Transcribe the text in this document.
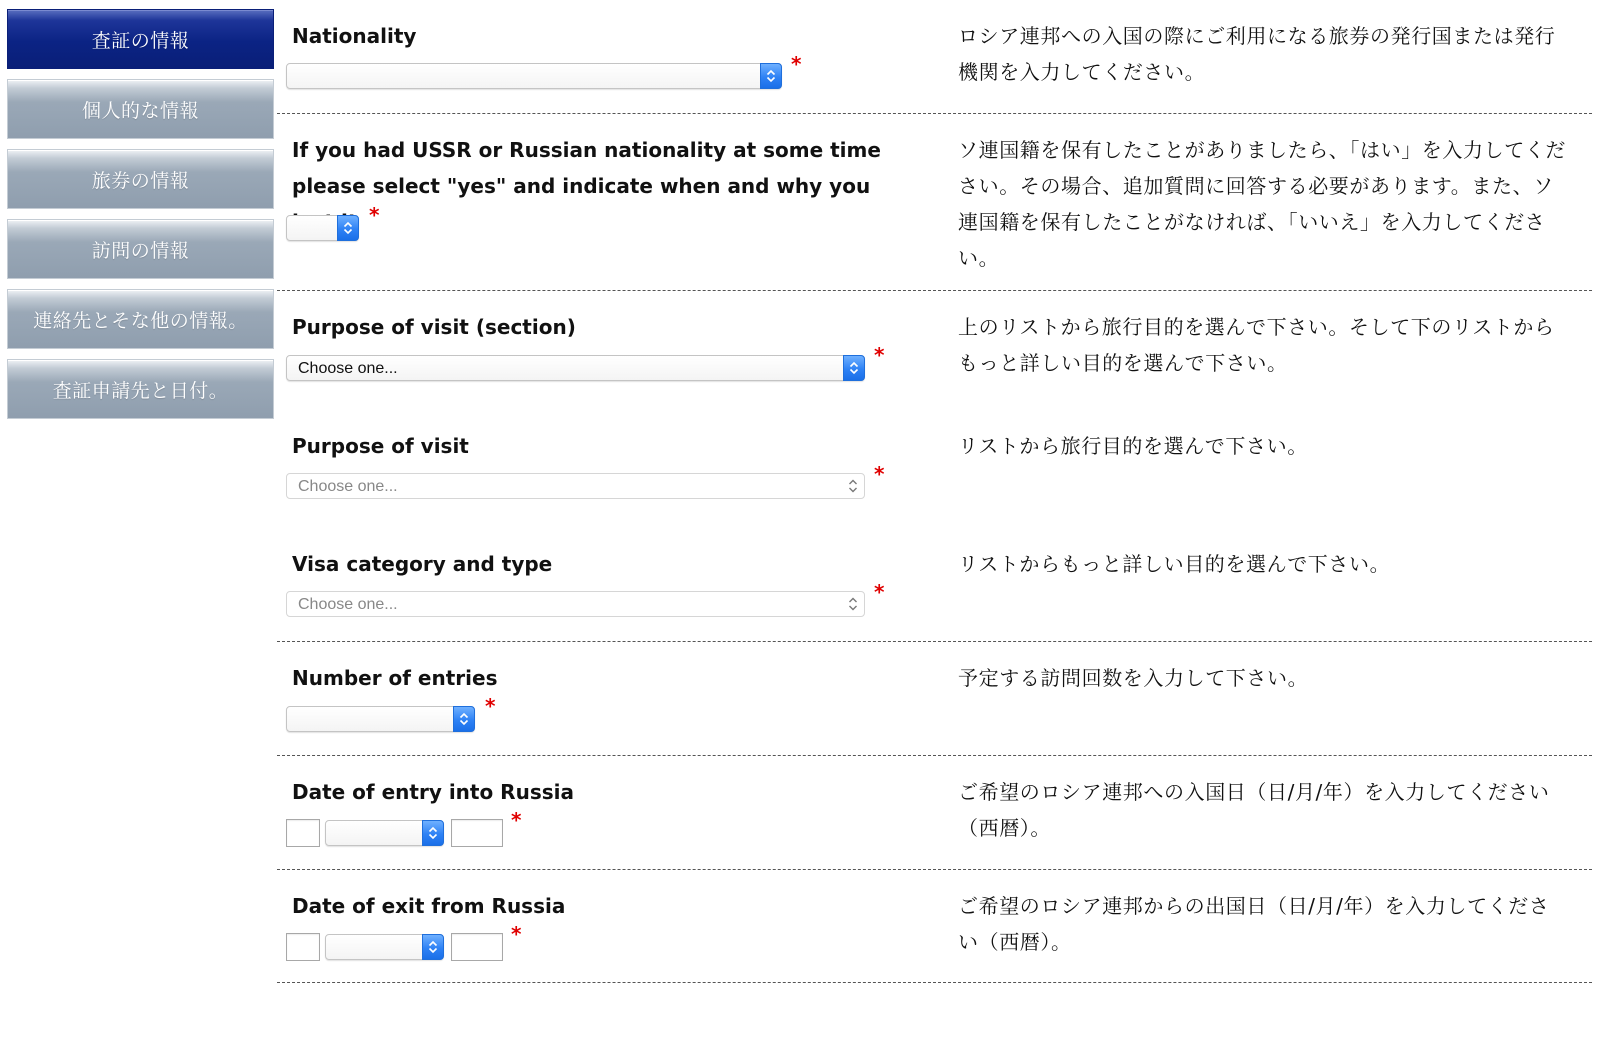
査証の情報
個人的な情報
旅券の情報
訪問の情報
連絡先とそな他の情報。
査証申請先と日付。
Nationality
*
ロシア連邦への入国の際にご利用になる旅券の発行国または発行機関を入力してください。
If you had USSR or Russian nationality at some time please select "yes" and indicate when and why you
*
ソ連国籍を保有したことがありましたら、「はい」を入力してください。その場合、追加質問に回答する必要があります。また、ソ連国籍を保有したことがなければ、「いいえ」を入力してください。
Purpose of visit (section)
Choose one...
*
上のリストから旅行目的を選んで下さい。そして下のリストからもっと詳しい目的を選んで下さい。
Purpose of visit
Choose one...
*
リストから旅行目的を選んで下さい。
Visa category and type
Choose one...
*
リストからもっと詳しい目的を選んで下さい。
Number of entries
*
予定する訪問回数を入力して下さい。
Date of entry into Russia
*
ご希望のロシア連邦への入国日（日/月/年）を入力してください（西暦）。
Date of exit from Russia
*
ご希望のロシア連邦からの出国日（日/月/年）を入力してください（西暦）。
